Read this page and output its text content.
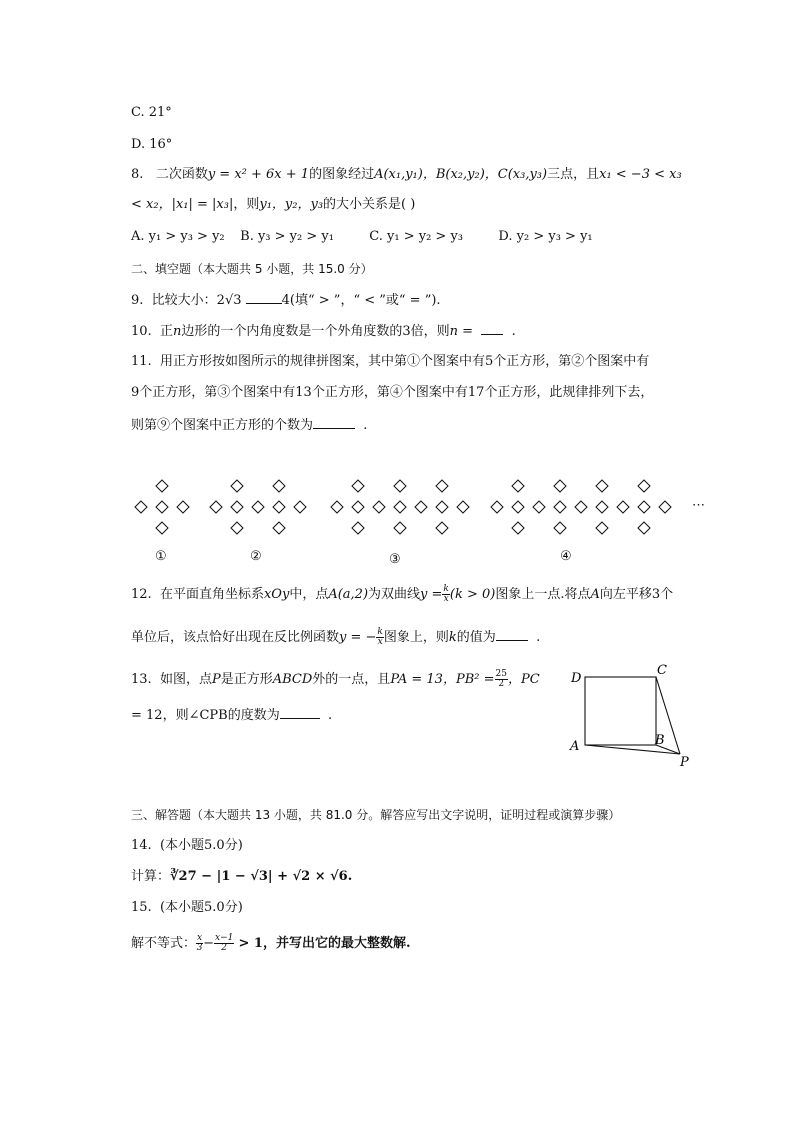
C. 21°
D. 16°
8. 二次函数y = x² + 6x + 1的图象经过A(x₁,y₁)，B(x₂,y₂)，C(x₃,y₃)三点，且x₁ < −3 < x₃
< x₂，|x₁| = |x₃|，则y₁，y₂，y₃的大小关系是( )
A. y₁ > y₃ > y₂ B. y₃ > y₂ > y₁	C. y₁ > y₂ > y₃	D. y₂ > y₃ > y₁
二、填空题（本大题共 5 小题，共 15.0 分）
9. 比较大小：2√3	4(填“ > ”，“ < ”或“ = ”).
10. 正n边形的一个内角度数是一个外角度数的3倍，则n =	.
11. 用正方形按如图所示的规律拼图案，其中第①个图案中有5个正方形，第②个图案中有
9个正方形，第③个图案中有13个正方形，第④个图案中有17个正方形，此规律排列下去，
则第⑨个图案中正方形的个数为	.
①	②	③	④
⋯
12. 在平面直角坐标系xOy中，点A(a,2)为双曲线$y = \frac{k}{x} (k > 0)$图象上一点.将点A向左平移3个
单位后，该点恰好出现在反比例函数y = − $\frac{k}{x}$ 图象上，则k的值为	.
13. 如图，点P是正方形ABCD外的一点，且PA = 13，$PB^2 = \frac{25}{2}$ ，PC
= 12，则∠CPB的度数为	.
D
C
A	B
P
三、解答题（本大题共 13 小题，共 81.0 分。解答应写出文字说明，证明过程或演算步骤）
14. (本小题5.0分)
计算：∛27 − |1 − √3| + √2 × √6.
15. (本小题5.0分)
解不等式： $\frac{x}{3} - \frac{x-1}{2} > 1$，并写出它的最大整数解.
